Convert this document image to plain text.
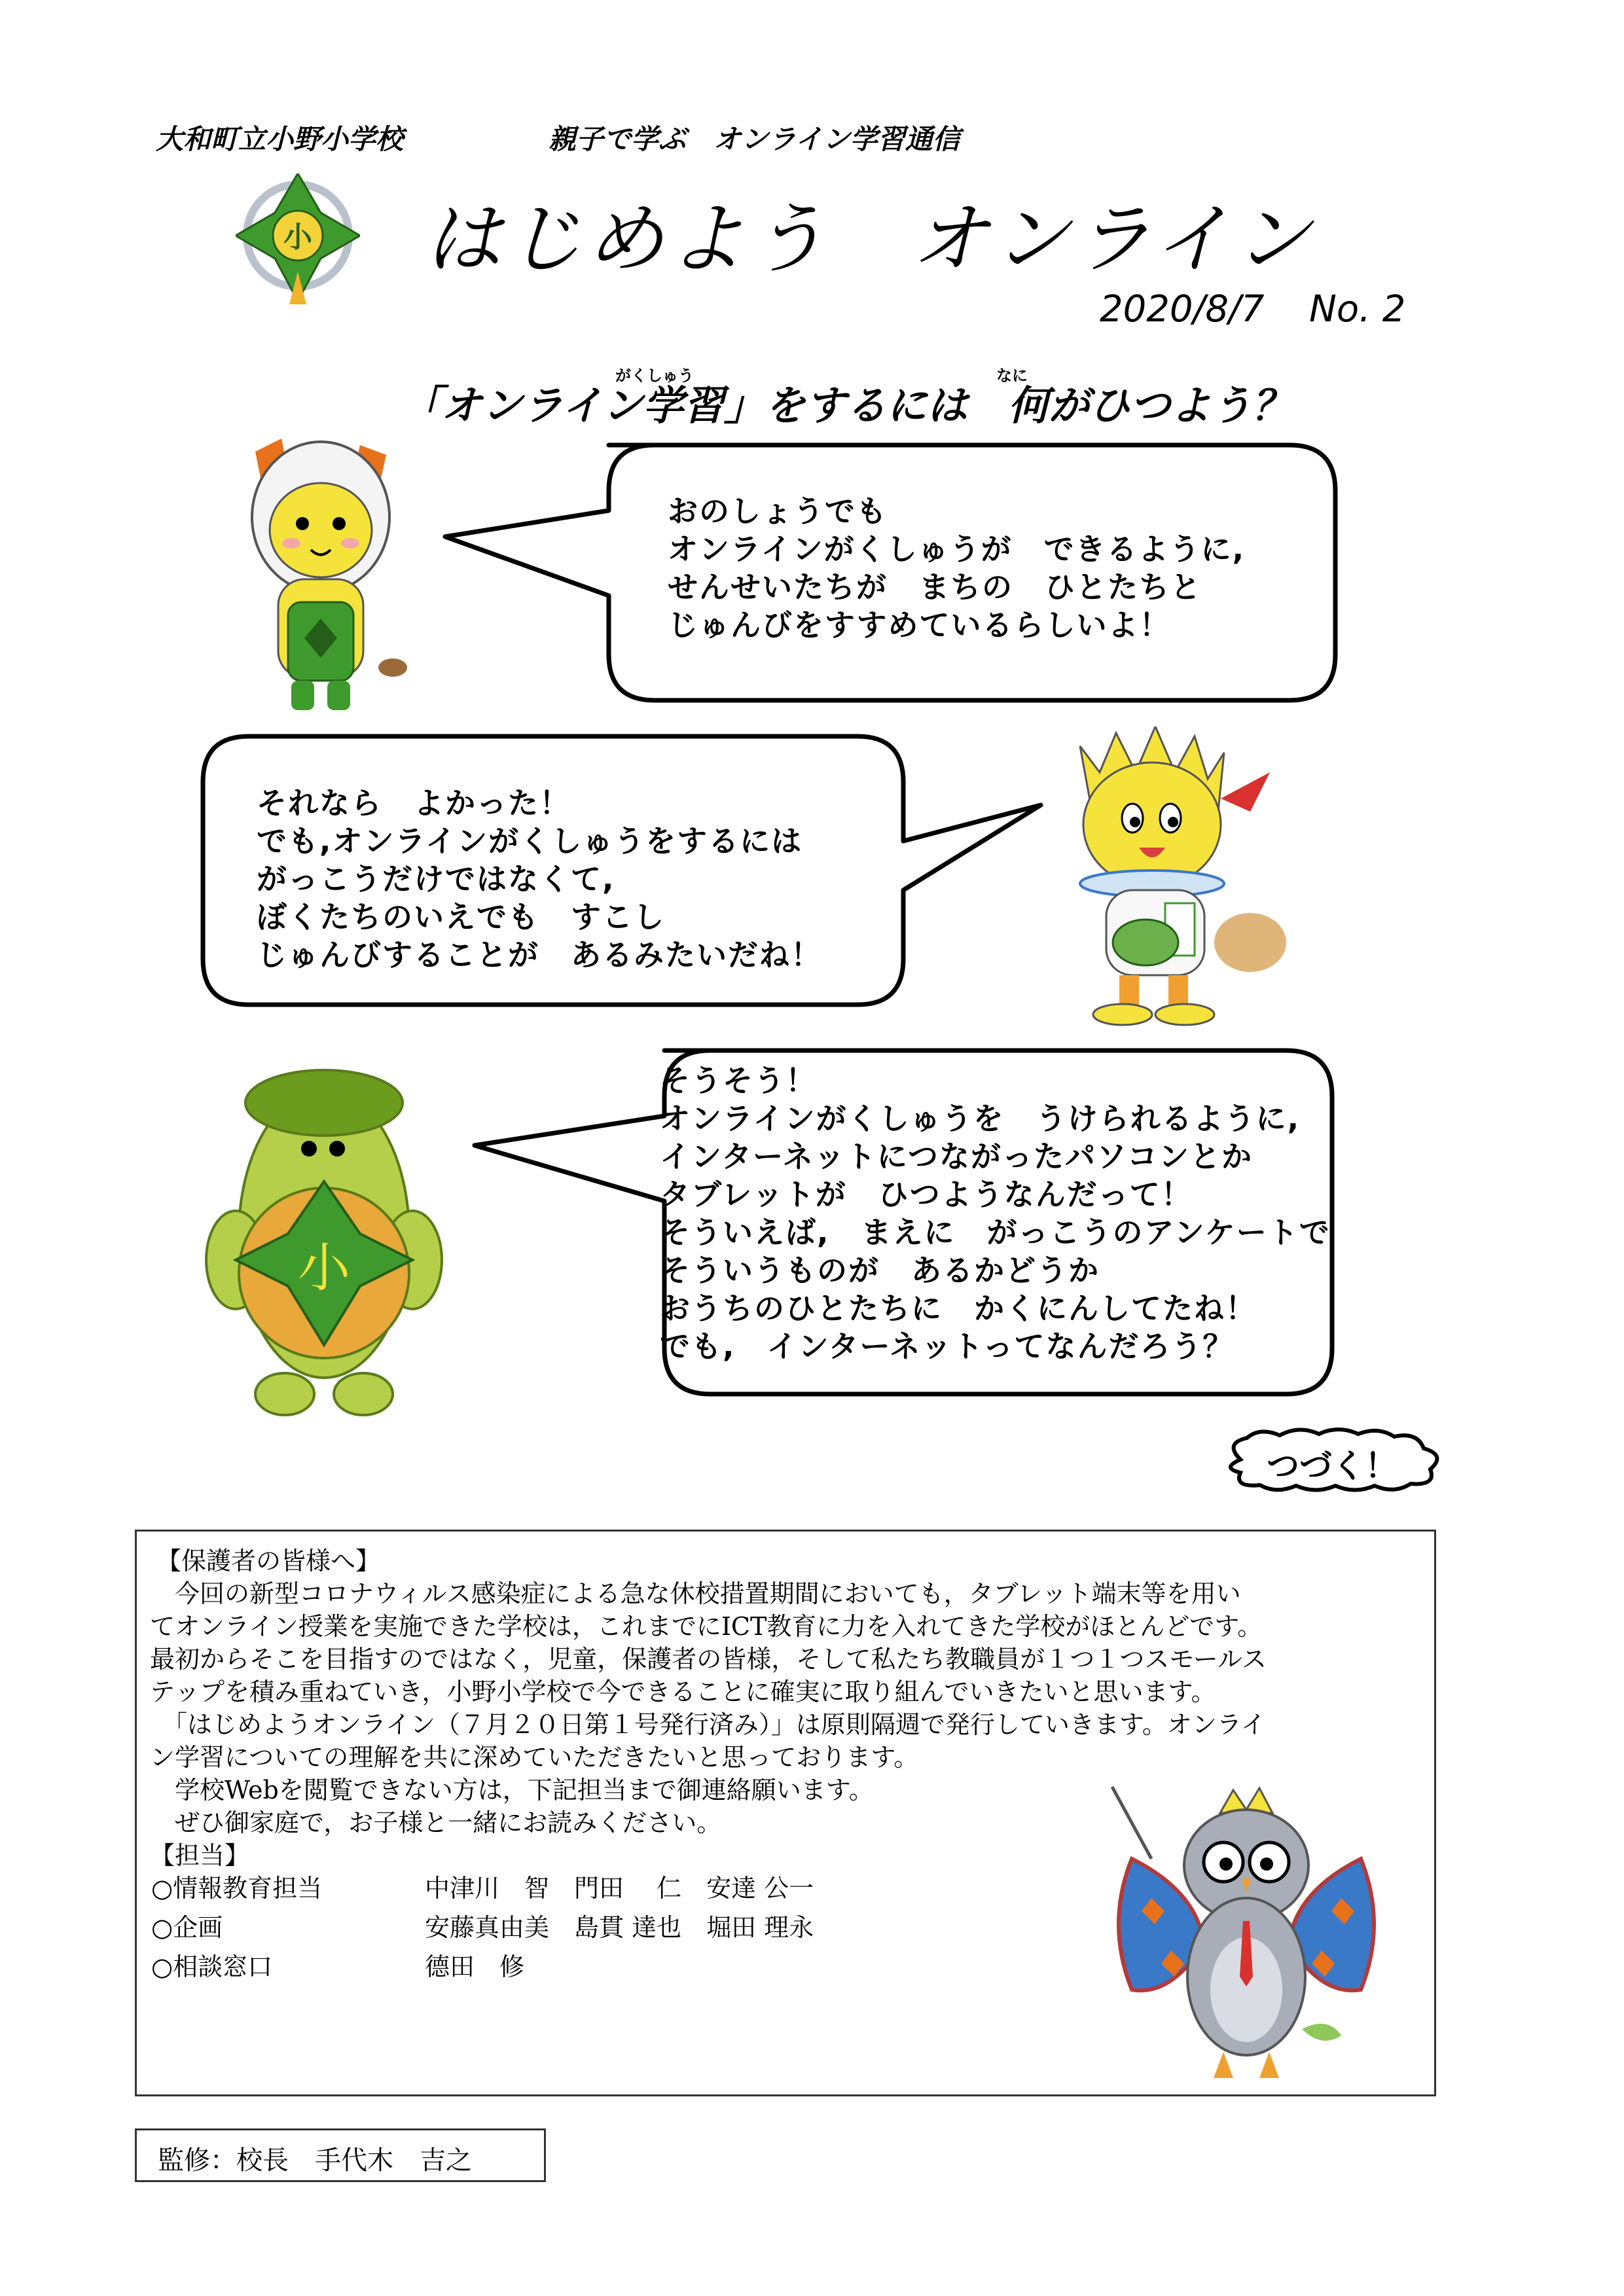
大和町立小野小学校	親子で学ぶ　オンライン学習通信
小 はじめよう　オンライン
2020/8/7 No. 2
がくしゅう	なに
「オンライン学習」をするには　何がひつよう？
おのしょうでも
オンラインがくしゅうが　できるように,
せんせいたちが　まちの　ひとたちと
じゅんびをすすめているらしいよ！
それなら　よかった！
でも,オンラインがくしゅうをするには
がっこうだけではなくて,
ぼくたちのいえでも　すこし
じゅんびすることが　あるみたいだね！
そうそう！
オンラインがくしゅうを　うけられるように,
インターネットにつながったパソコンとか
タブレットが　ひつようなんだって！
そういえば,　まえに　がっこうのアンケートで
そういうものが　あるかどうか
おうちのひとたちに　かくにんしてたね！
でも,　インターネットってなんだろう？
小
つづく！
【保護者の皆様へ】
　今回の新型コロナウィルス感染症による急な休校措置期間においても，タブレット端末等を用い
てオンライン授業を実施できた学校は，これまでにICT教育に力を入れてきた学校がほとんどです。
最初からそこを目指すのではなく，児童，保護者の皆様，そして私たち教職員が１つ１つスモールス
テップを積み重ねていき，小野小学校で今できることに確実に取り組んでいきたいと思います。
　「はじめようオンライン（７月２０日第１号発行済み）」は原則隔週で発行していきます。オンライ
ン学習についての理解を共に深めていただきたいと思っております。
　学校Webを閲覧できない方は，下記担当まで御連絡願います。
　ぜひ御家庭で，お子様と一緒にお読みください。
【担当】
○情報教育担当	中津川　智　門田　 仁　安達 公一
○企画	安藤真由美　島貫 達也　堀田 理永
○相談窓口	德田　修
監修：校長　手代木　吉之
